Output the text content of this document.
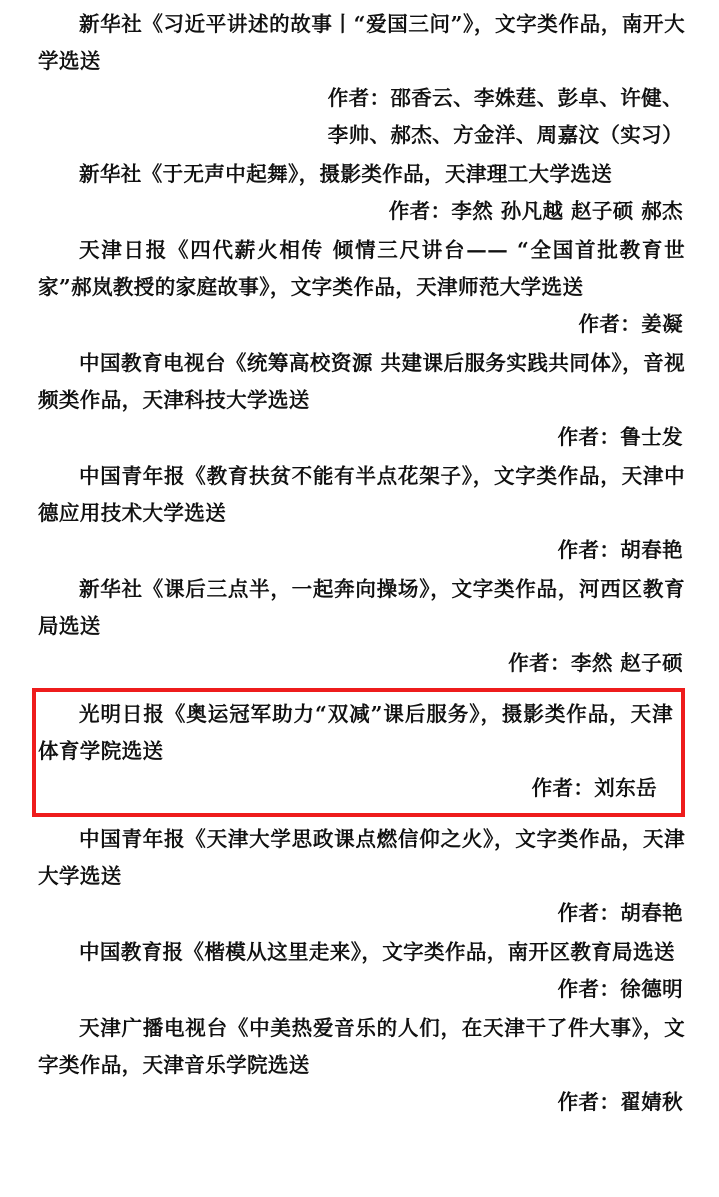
新华社《习近平讲述的故事丨“爱国三问”》，文字类作品，南开大学选送
作者：邵香云、李姝莛、彭卓、许健、
李帅、郝杰、方金洋、周嘉汶（实习）
新华社《于无声中起舞》，摄影类作品，天津理工大学选送
作者：李然 孙凡越 赵子硕 郝杰
天津日报《四代薪火相传 倾情三尺讲台—— “全国首批教育世家”郝岚教授的家庭故事》，文字类作品，天津师范大学选送
作者：姜凝
中国教育电视台《统筹高校资源 共建课后服务实践共同体》，音视频类作品，天津科技大学选送
作者：鲁士发
中国青年报《教育扶贫不能有半点花架子》，文字类作品，天津中德应用技术大学选送
作者：胡春艳
新华社《课后三点半，一起奔向操场》，文字类作品，河西区教育局选送
作者：李然 赵子硕
光明日报《奥运冠军助力“双减”课后服务》，摄影类作品，天津体育学院选送
作者：刘东岳
中国青年报《天津大学思政课点燃信仰之火》，文字类作品，天津大学选送
作者：胡春艳
中国教育报《楷模从这里走来》，文字类作品，南开区教育局选送
作者：徐德明
天津广播电视台《中美热爱音乐的人们，在天津干了件大事》，文字类作品，天津音乐学院选送
作者：翟婧秋
